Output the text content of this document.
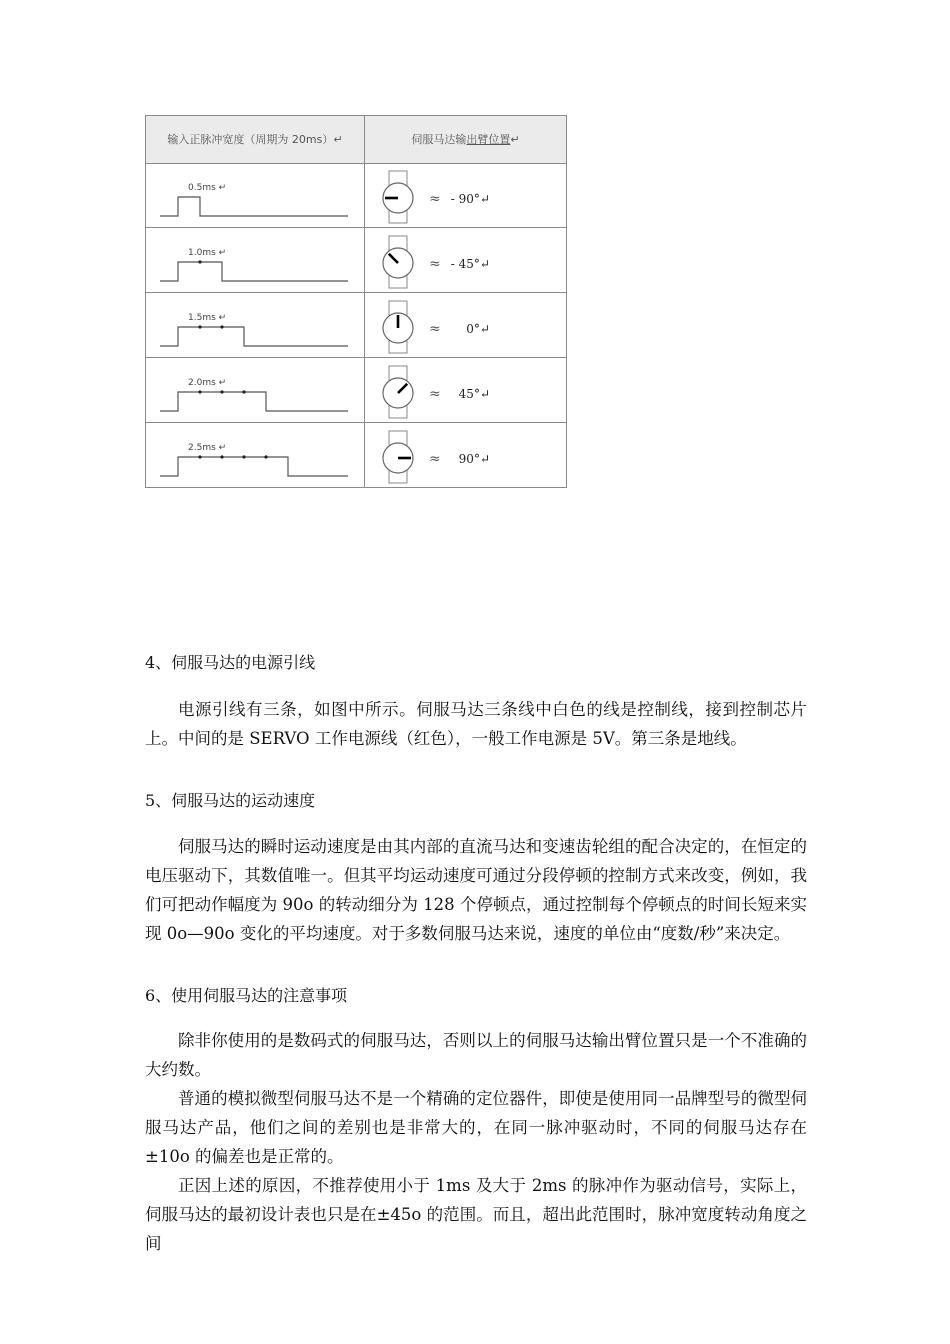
输入正脉冲宽度（周期为 20ms）↵	伺服马达输出臂位置↵
0.5ms ↵
≈ - 90°↵
1.0ms ↵
≈ - 45°↵
1.5ms ↵
≈ 0°↵
2.0ms ↵
≈ 45°↵
2.5ms ↵
≈ 90°↵
4、伺服马达的电源引线

电源引线有三条，如图中所示。伺服马达三条线中白色的线是控制线，接到控制芯片上。中间的是 SERVO 工作电源线（红色），一般工作电源是 5V。第三条是地线。

5、伺服马达的运动速度

伺服马达的瞬时运动速度是由其内部的直流马达和变速齿轮组的配合决定的，在恒定的电压驱动下，其数值唯一。但其平均运动速度可通过分段停顿的控制方式来改变，例如，我们可把动作幅度为 90o 的转动细分为 128 个停顿点，通过控制每个停顿点的时间长短来实现 0o—90o 变化的平均速度。对于多数伺服马达来说，速度的单位由“度数/秒”来决定。

6、使用伺服马达的注意事项

除非你使用的是数码式的伺服马达，否则以上的伺服马达输出臂位置只是一个不准确的大约数。

普通的模拟微型伺服马达不是一个精确的定位器件，即使是使用同一品牌型号的微型伺服马达产品，他们之间的差别也是非常大的，在同一脉冲驱动时，不同的伺服马达存在±10o 的偏差也是正常的。

正因上述的原因，不推荐使用小于 1ms 及大于 2ms 的脉冲作为驱动信号，实际上，伺服马达的最初设计表也只是在±45o 的范围。而且，超出此范围时，脉冲宽度转动角度之间
